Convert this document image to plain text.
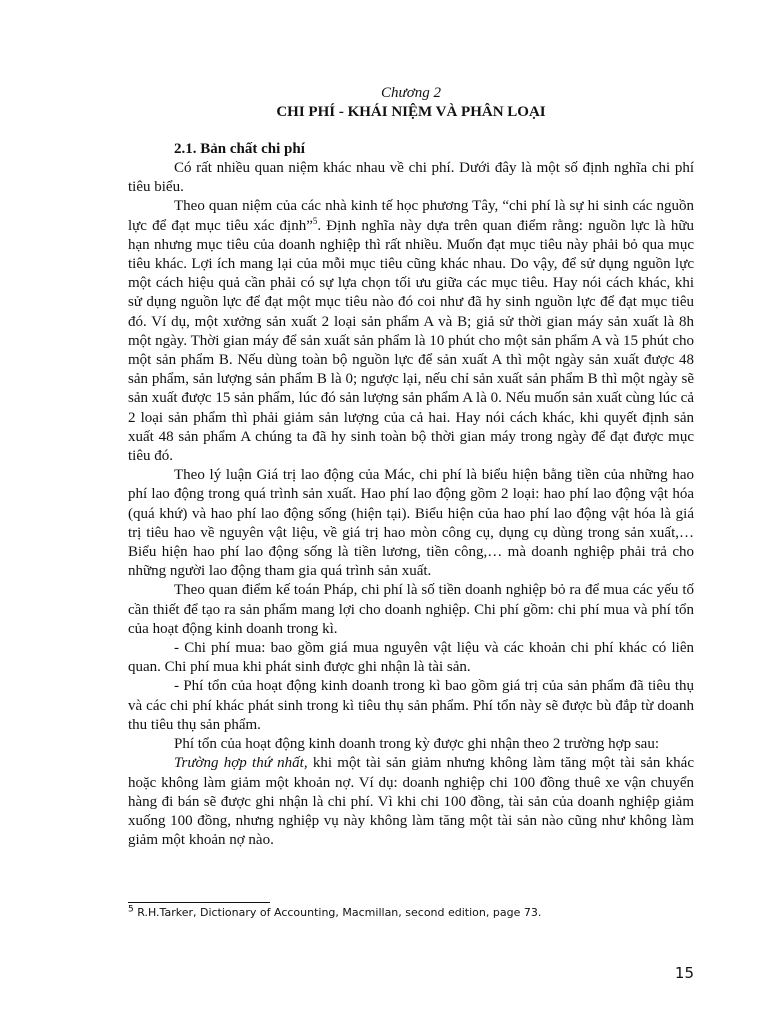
Chương 2

CHI PHÍ - KHÁI NIỆM VÀ PHÂN LOẠI

2.1. Bản chất chi phí

Có rất nhiều quan niệm khác nhau về chi phí. Dưới đây là một số định nghĩa chi phí tiêu biểu.

Theo quan niệm của các nhà kinh tế học phương Tây, “chi phí là sự hi sinh các nguồn lực để đạt mục tiêu xác định”$^5$. Định nghĩa này dựa trên quan điểm rằng: nguồn lực là hữu hạn nhưng mục tiêu của doanh nghiệp thì rất nhiều. Muốn đạt mục tiêu này phải bỏ qua mục tiêu khác. Lợi ích mang lại của mỗi mục tiêu cũng khác nhau. Do vậy, để sử dụng nguồn lực một cách hiệu quả cần phải có sự lựa chọn tối ưu giữa các mục tiêu. Hay nói cách khác, khi sử dụng nguồn lực để đạt một mục tiêu nào đó coi như đã hy sinh nguồn lực để đạt mục tiêu đó. Ví dụ, một xưởng sản xuất 2 loại sản phẩm A và B; giả sử thời gian máy sản xuất là 8h một ngày. Thời gian máy để sản xuất sản phẩm là 10 phút cho một sản phẩm A và 15 phút cho một sản phẩm B. Nếu dùng toàn bộ nguồn lực để sản xuất A thì một ngày sản xuất được 48 sản phẩm, sản lượng sản phẩm B là 0; ngược lại, nếu chỉ sản xuất sản phẩm B thì một ngày sẽ sản xuất được 15 sản phẩm, lúc đó sản lượng sản phẩm A là 0. Nếu muốn sản xuất cùng lúc cả 2 loại sản phẩm thì phải giảm sản lượng của cả hai. Hay nói cách khác, khi quyết định sản xuất 48 sản phẩm A chúng ta đã hy sinh toàn bộ thời gian máy trong ngày để đạt được mục tiêu đó.

Theo lý luận Giá trị lao động của Mác, chi phí là biểu hiện bằng tiền của những hao phí lao động trong quá trình sản xuất. Hao phí lao động gồm 2 loại: hao phí lao động vật hóa (quá khứ) và hao phí lao động sống (hiện tại). Biểu hiện của hao phí lao động vật hóa là giá trị tiêu hao về nguyên vật liệu, về giá trị hao mòn công cụ, dụng cụ dùng trong sản xuất,…Biểu hiện hao phí lao động sống là tiền lương, tiền công,… mà doanh nghiệp phải trả cho những người lao động tham gia quá trình sản xuất.

Theo quan điểm kế toán Pháp, chi phí là số tiền doanh nghiệp bỏ ra để mua các yếu tố cần thiết để tạo ra sản phẩm mang lợi cho doanh nghiệp. Chi phí gồm: chi phí mua và phí tổn của hoạt động kinh doanh trong kì.

- Chi phí mua: bao gồm giá mua nguyên vật liệu và các khoản chi phí khác có liên quan. Chi phí mua khi phát sinh được ghi nhận là tài sản.

- Phí tổn của hoạt động kinh doanh trong kì bao gồm giá trị của sản phẩm đã tiêu thụ và các chi phí khác phát sinh trong kì tiêu thụ sản phẩm. Phí tổn này sẽ được bù đắp từ doanh thu tiêu thụ sản phẩm.

Phí tổn của hoạt động kinh doanh trong kỳ được ghi nhận theo 2 trường hợp sau:

Trường hợp thứ nhất, khi một tài sản giảm nhưng không làm tăng một tài sản khác hoặc không làm giảm một khoản nợ. Ví dụ: doanh nghiệp chi 100 đồng thuê xe vận chuyển hàng đi bán sẽ được ghi nhận là chi phí. Vì khi chi 100 đồng, tài sản của doanh nghiệp giảm xuống 100 đồng, nhưng nghiệp vụ này không làm tăng một tài sản nào cũng như không làm giảm một khoản nợ nào.

$^5$ R.H.Tarker, Dictionary of Accounting, Macmillan, second edition, page 73.
15
